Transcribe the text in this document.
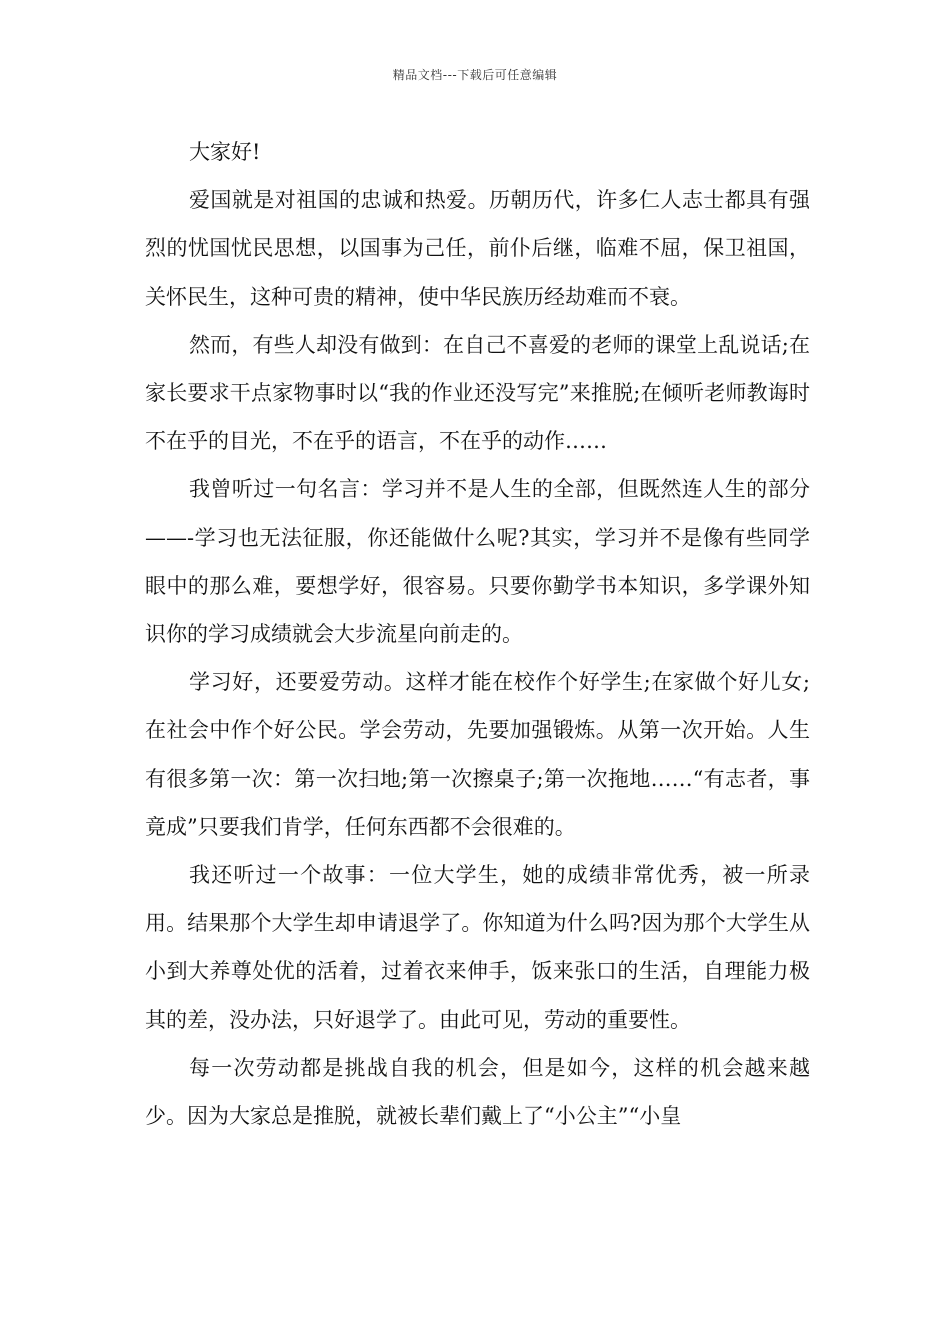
精品文档---下载后可任意编辑

大家好!

爱国就是对祖国的忠诚和热爱。历朝历代，许多仁人志士都具有强烈的忧国忧民思想，以国事为己任，前仆后继，临难不屈，保卫祖国，关怀民生，这种可贵的精神，使中华民族历经劫难而不衰。

然而，有些人却没有做到：在自己不喜爱的老师的课堂上乱说话;在家长要求干点家物事时以“我的作业还没写完”来推脱;在倾听老师教诲时不在乎的目光，不在乎的语言，不在乎的动作……

我曾听过一句名言：学习并不是人生的全部，但既然连人生的部分——-学习也无法征服，你还能做什么呢?其实，学习并不是像有些同学眼中的那么难，要想学好，很容易。只要你勤学书本知识，多学课外知识你的学习成绩就会大步流星向前走的。

学习好，还要爱劳动。这样才能在校作个好学生;在家做个好儿女;在社会中作个好公民。学会劳动，先要加强锻炼。从第一次开始。人生有很多第一次：第一次扫地;第一次擦桌子;第一次拖地……“有志者，事竟成”只要我们肯学，任何东西都不会很难的。

我还听过一个故事：一位大学生，她的成绩非常优秀，被一所录用。结果那个大学生却申请退学了。你知道为什么吗?因为那个大学生从小到大养尊处优的活着，过着衣来伸手，饭来张口的生活，自理能力极其的差，没办法，只好退学了。由此可见，劳动的重要性。

每一次劳动都是挑战自我的机会，但是如今，这样的机会越来越少。因为大家总是推脱，就被长辈们戴上了“小公主”“小皇
